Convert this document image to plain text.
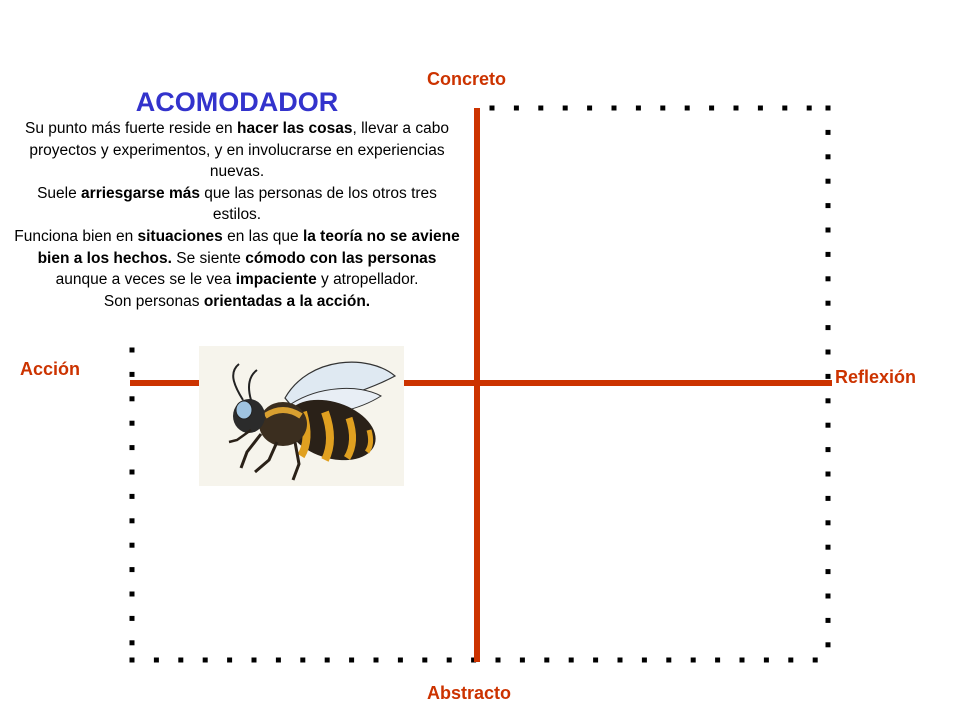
Concreto
Abstracto
Acción	Reflexión

ACOMODADOR

Su punto más fuerte reside en hacer las cosas, llevar a cabo proyectos y experimentos, y en involucrarse en experiencias nuevas.

Suele arriesgarse más que las personas de los otros tres estilos.

Funciona bien en situaciones en las que la teoría no se aviene bien a los hechos. Se siente cómodo con las personas aunque a veces se le vea impaciente y atropellador.

Son personas orientadas a la acción.
